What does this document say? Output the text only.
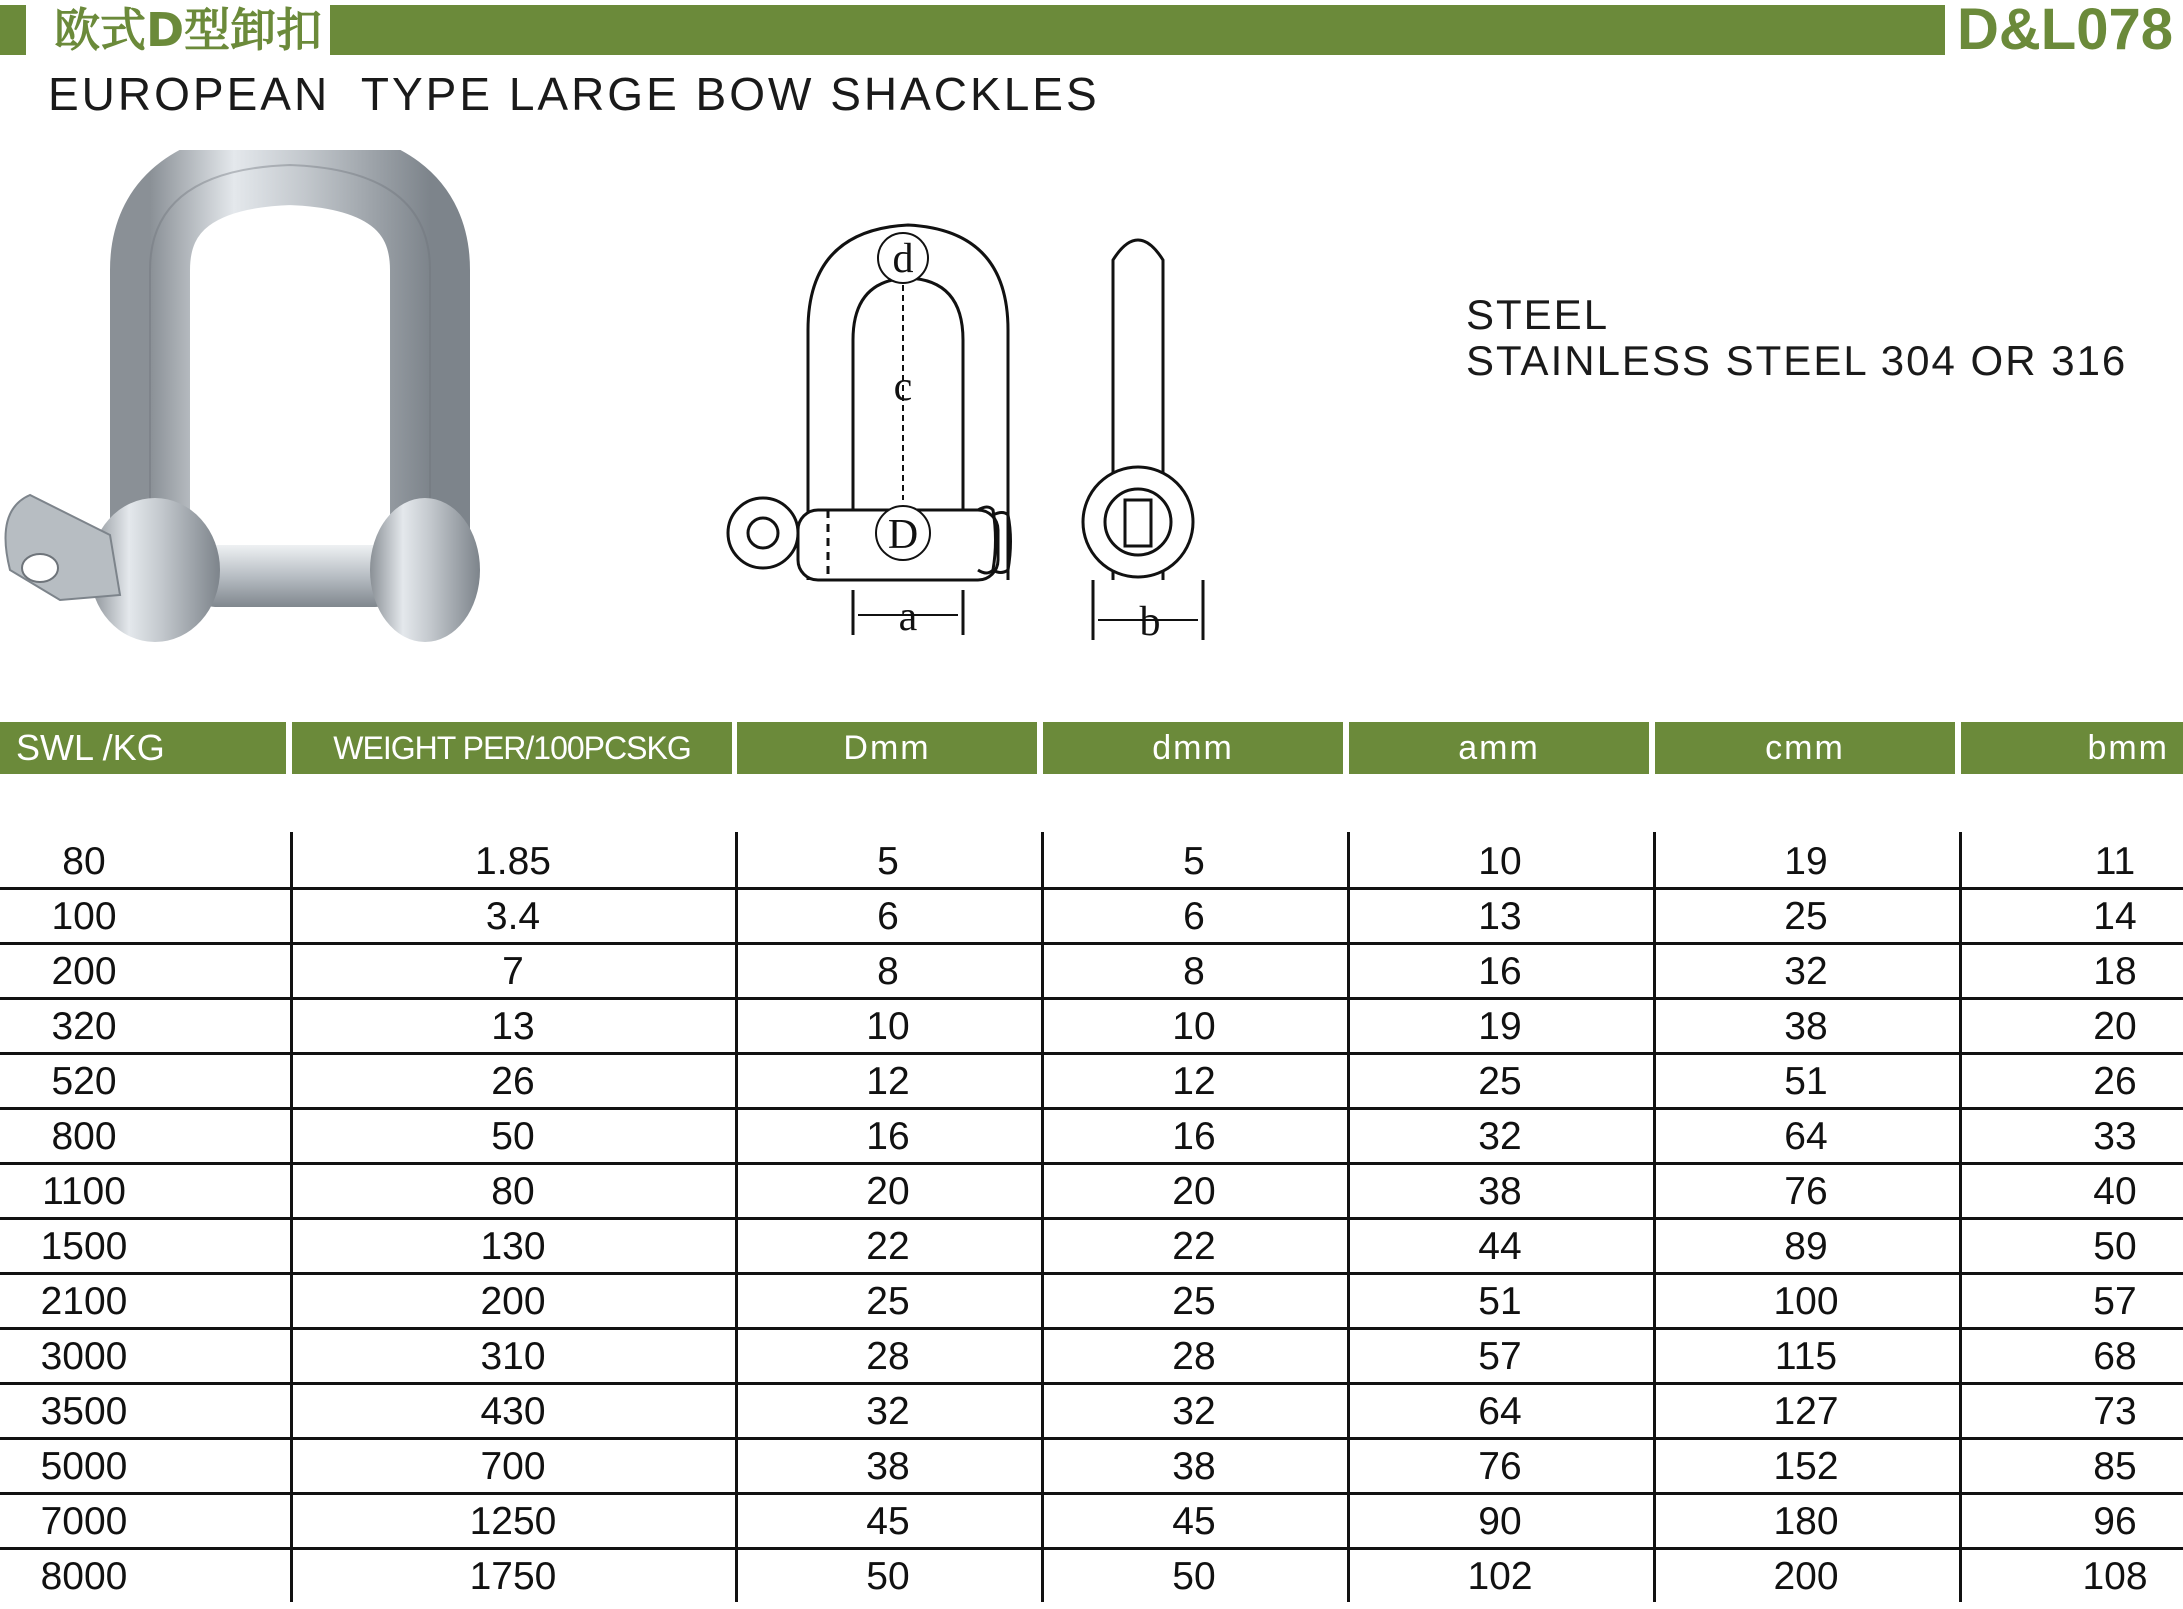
欧式D型卸扣	D&L078
EUROPEAN  TYPE LARGE BOW SHACKLES
d
c
D
a	b
STEEL
STAINLESS STEEL 304 OR 316
SWL /KG	WEIGHT PER/100PCSKG	Dmm	dmm	amm	cmm	bmm
80	1.85	5	5	10	19	11
100	3.4	6	6	13	25	14
200	7	8	8	16	32	18
320	13	10	10	19	38	20
520	26	12	12	25	51	26
800	50	16	16	32	64	33
1100	80	20	20	38	76	40
1500	130	22	22	44	89	50
2100	200	25	25	51	100	57
3000	310	28	28	57	115	68
3500	430	32	32	64	127	73
5000	700	38	38	76	152	85
7000	1250	45	45	90	180	96
8000	1750	50	50	102	200	108
